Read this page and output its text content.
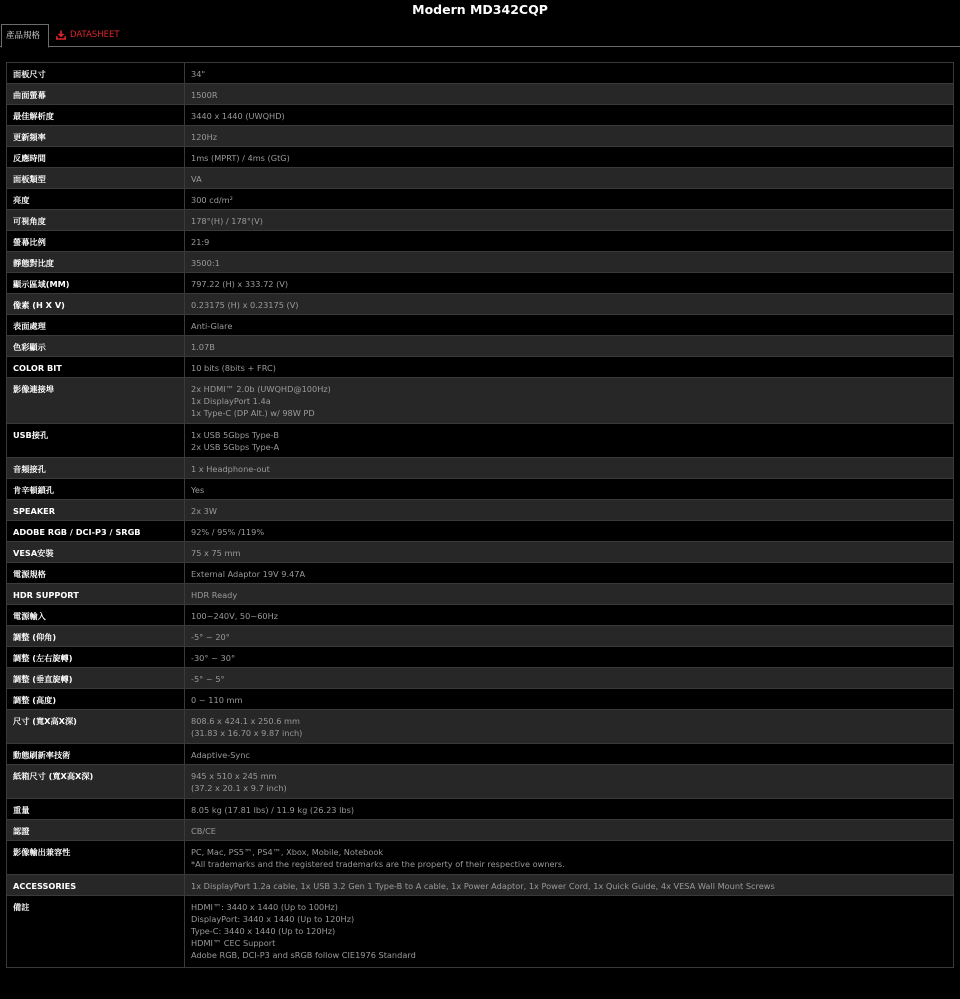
Modern MD342CQP
產品規格	DATASHEET
面板尺寸	34"

曲面螢幕	1500R

最佳解析度	3440 x 1440 (UWQHD)

更新頻率	120Hz

反應時間	1ms (MPRT) / 4ms (GtG)

面板類型	VA

亮度	300 cd/m²

可視角度	178°(H) / 178°(V)

螢幕比例	21:9

靜態對比度	3500:1

顯示區域(MM)	797.22 (H) x 333.72 (V)

像素 (H X V)	0.23175 (H) x 0.23175 (V)

表面處理	Anti-Glare

色彩顯示	1.07B

COLOR BIT	10 bits (8bits + FRC)

影像連接埠	2x HDMI™ 2.0b (UWQHD@100Hz)
1x DisplayPort 1.4a
1x Type-C (DP Alt.) w/ 98W PD

USB接孔	1x USB 5Gbps Type-B
2x USB 5Gbps Type-A

音頻接孔	1 x Headphone-out

肯辛頓鎖孔	Yes

SPEAKER	2x 3W

ADOBE RGB / DCI-P3 / SRGB	92% / 95% /119%

VESA安裝	75 x 75 mm

電源規格	External Adaptor 19V 9.47A

HDR SUPPORT	HDR Ready

電源輸入	100~240V, 50~60Hz

調整 (仰角)	-5° ~ 20°

調整 (左右旋轉)	-30° ~ 30°

調整 (垂直旋轉)	-5° ~ 5°

調整 (高度)	0 ~ 110 mm

尺寸 (寬X高X深)	808.6 x 424.1 x 250.6 mm
(31.83 x 16.70 x 9.87 inch)

動態刷新率技術	Adaptive-Sync

紙箱尺寸 (寬X高X深)	945 x 510 x 245 mm
(37.2 x 20.1 x 9.7 inch)

重量	8.05 kg (17.81 lbs) / 11.9 kg (26.23 lbs)

認證	CB/CE

影像輸出兼容性	PC, Mac, PS5™, PS4™, Xbox, Mobile, Notebook
*All trademarks and the registered trademarks are the property of their respective owners.

ACCESSORIES	1x DisplayPort 1.2a cable, 1x USB 3.2 Gen 1 Type-B to A cable, 1x Power Adaptor, 1x Power Cord, 1x Quick Guide, 4x VESA Wall Mount Screws

備註	HDMI™: 3440 x 1440 (Up to 100Hz)
DisplayPort: 3440 x 1440 (Up to 120Hz)
Type-C: 3440 x 1440 (Up to 120Hz)
HDMI™ CEC Support
Adobe RGB, DCI-P3 and sRGB follow CIE1976 Standard
